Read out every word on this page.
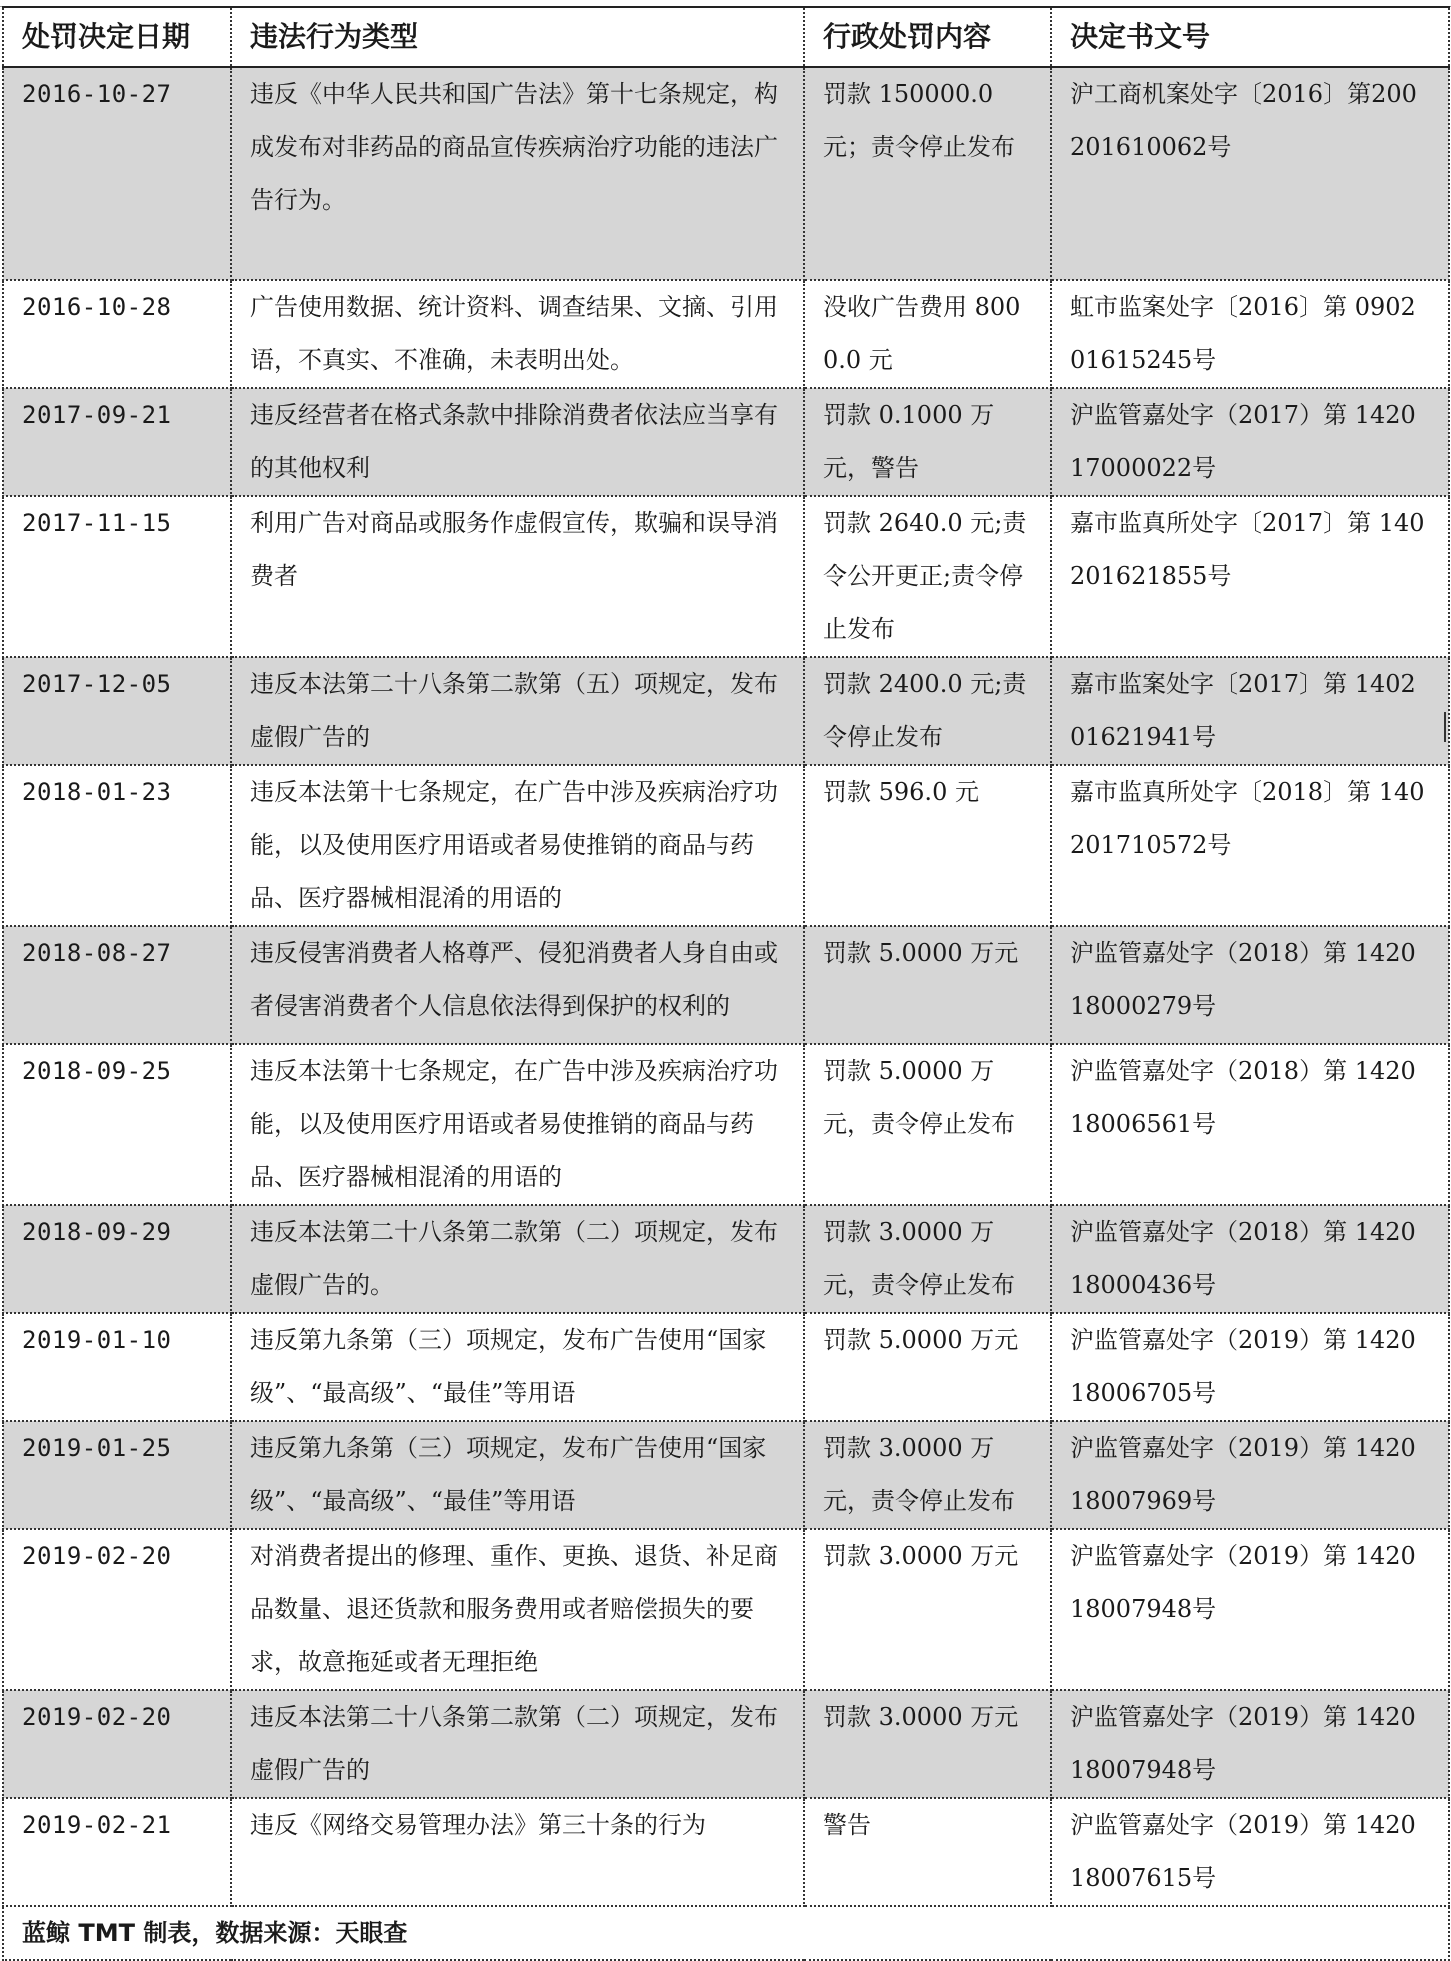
处罚决定日期	违法行为类型	行政处罚内容	决定书文号
2016-10-27	违反《中华人民共和国广告法》第十七条规定，构成发布对非药品的商品宣传疾病治疗功能的违法广告行为。	罚款 150000.0 元；责令停止发布	沪工商机案处字〔2016〕第200201610062号
2016-10-28	广告使用数据、统计资料、调查结果、文摘、引用语，不真实、不准确，未表明出处。	没收广告费用 8000.0 元	虹市监案处字〔2016〕第 090201615245号
2017-09-21	违反经营者在格式条款中排除消费者依法应当享有的其他权利	罚款 0.1000 万元，警告	沪监管嘉处字（2017）第 142017000022号
2017-11-15	利用广告对商品或服务作虚假宣传，欺骗和误导消费者	罚款 2640.0 元;责令公开更正;责令停止发布	嘉市监真所处字〔2017〕第 140201621855号
2017-12-05	违反本法第二十八条第二款第（五）项规定，发布虚假广告的	罚款 2400.0 元;责令停止发布	嘉市监案处字〔2017〕第 140201621941号
2018-01-23	违反本法第十七条规定，在广告中涉及疾病治疗功能，以及使用医疗用语或者易使推销的商品与药品、医疗器械相混淆的用语的	罚款 596.0 元	嘉市监真所处字〔2018〕第 140201710572号
2018-08-27	违反侵害消费者人格尊严、侵犯消费者人身自由或者侵害消费者个人信息依法得到保护的权利的	罚款 5.0000 万元	沪监管嘉处字（2018）第 142018000279号
2018-09-25	违反本法第十七条规定，在广告中涉及疾病治疗功能，以及使用医疗用语或者易使推销的商品与药品、医疗器械相混淆的用语的	罚款 5.0000 万元，责令停止发布	沪监管嘉处字（2018）第 142018006561号
2018-09-29	违反本法第二十八条第二款第（二）项规定，发布虚假广告的。	罚款 3.0000 万元，责令停止发布	沪监管嘉处字（2018）第 142018000436号
2019-01-10	违反第九条第（三）项规定，发布广告使用“国家级”、“最高级”、“最佳”等用语	罚款 5.0000 万元	沪监管嘉处字（2019）第 142018006705号
2019-01-25	违反第九条第（三）项规定，发布广告使用“国家级”、“最高级”、“最佳”等用语	罚款 3.0000 万元，责令停止发布	沪监管嘉处字（2019）第 142018007969号
2019-02-20	对消费者提出的修理、重作、更换、退货、补足商品数量、退还货款和服务费用或者赔偿损失的要求，故意拖延或者无理拒绝	罚款 3.0000 万元	沪监管嘉处字（2019）第 142018007948号
2019-02-20	违反本法第二十八条第二款第（二）项规定，发布虚假广告的	罚款 3.0000 万元	沪监管嘉处字（2019）第 142018007948号
2019-02-21	违反《网络交易管理办法》第三十条的行为	警告	沪监管嘉处字（2019）第 142018007615号
蓝鲸 TMT 制表，数据来源：天眼查			
